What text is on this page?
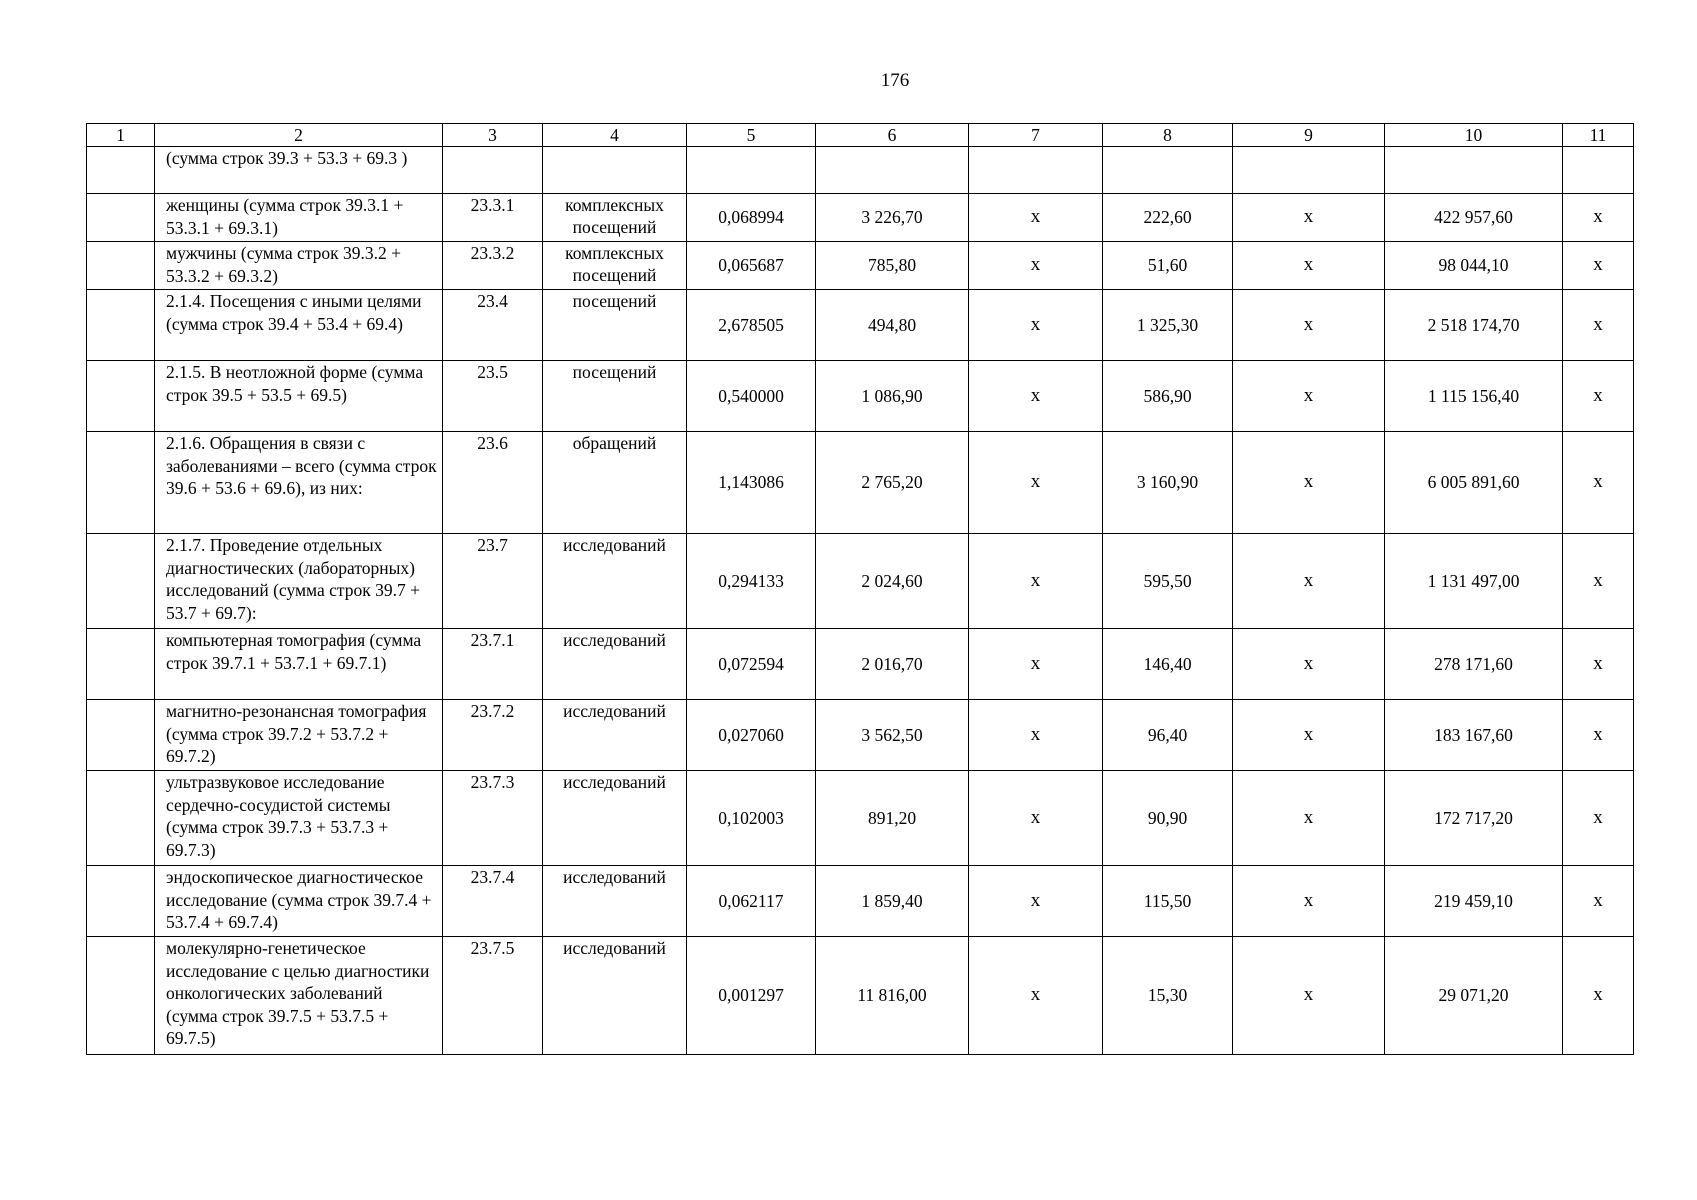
176
1	2	3	4	5	6	7	8	9	10	11
	(сумма строк 39.3 + 53.3 + 69.3 )									
	женщины (сумма строк 39.3.1 + 53.3.1 + 69.3.1)	23.3.1	комплексных посещений	0,068994	3 226,70	х	222,60	х	422 957,60	х
	мужчины (сумма строк 39.3.2 + 53.3.2 + 69.3.2)	23.3.2	комплексных посещений	0,065687	785,80	х	51,60	х	98 044,10	х
	2.1.4. Посещения с иными целями (сумма строк 39.4 + 53.4 + 69.4)	23.4	посещений	2,678505	494,80	х	1 325,30	х	2 518 174,70	х
	2.1.5. В неотложной форме (сумма строк 39.5 + 53.5 + 69.5)	23.5	посещений	0,540000	1 086,90	х	586,90	х	1 115 156,40	х
	2.1.6. Обращения в связи с заболеваниями – всего (сумма строк 39.6 + 53.6 + 69.6), из них:	23.6	обращений	1,143086	2 765,20	х	3 160,90	х	6 005 891,60	х
	2.1.7. Проведение отдельных диагностических (лабораторных) исследований (сумма строк 39.7 + 53.7 + 69.7):	23.7	исследований	0,294133	2 024,60	х	595,50	х	1 131 497,00	х
	компьютерная томография (сумма строк 39.7.1 + 53.7.1 + 69.7.1)	23.7.1	исследований	0,072594	2 016,70	х	146,40	х	278 171,60	х
	магнитно-резонансная томография (сумма строк 39.7.2 + 53.7.2 + 69.7.2)	23.7.2	исследований	0,027060	3 562,50	х	96,40	х	183 167,60	х
	ультразвуковое исследование сердечно-сосудистой системы (сумма строк 39.7.3 + 53.7.3 + 69.7.3)	23.7.3	исследований	0,102003	891,20	х	90,90	х	172 717,20	х
	эндоскопическое диагностическое исследование (сумма строк 39.7.4 + 53.7.4 + 69.7.4)	23.7.4	исследований	0,062117	1 859,40	х	115,50	х	219 459,10	х
	молекулярно-генетическое исследование с целью диагностики онкологических заболеваний (сумма строк 39.7.5 + 53.7.5 + 69.7.5)	23.7.5	исследований	0,001297	11 816,00	х	15,30	х	29 071,20	х
